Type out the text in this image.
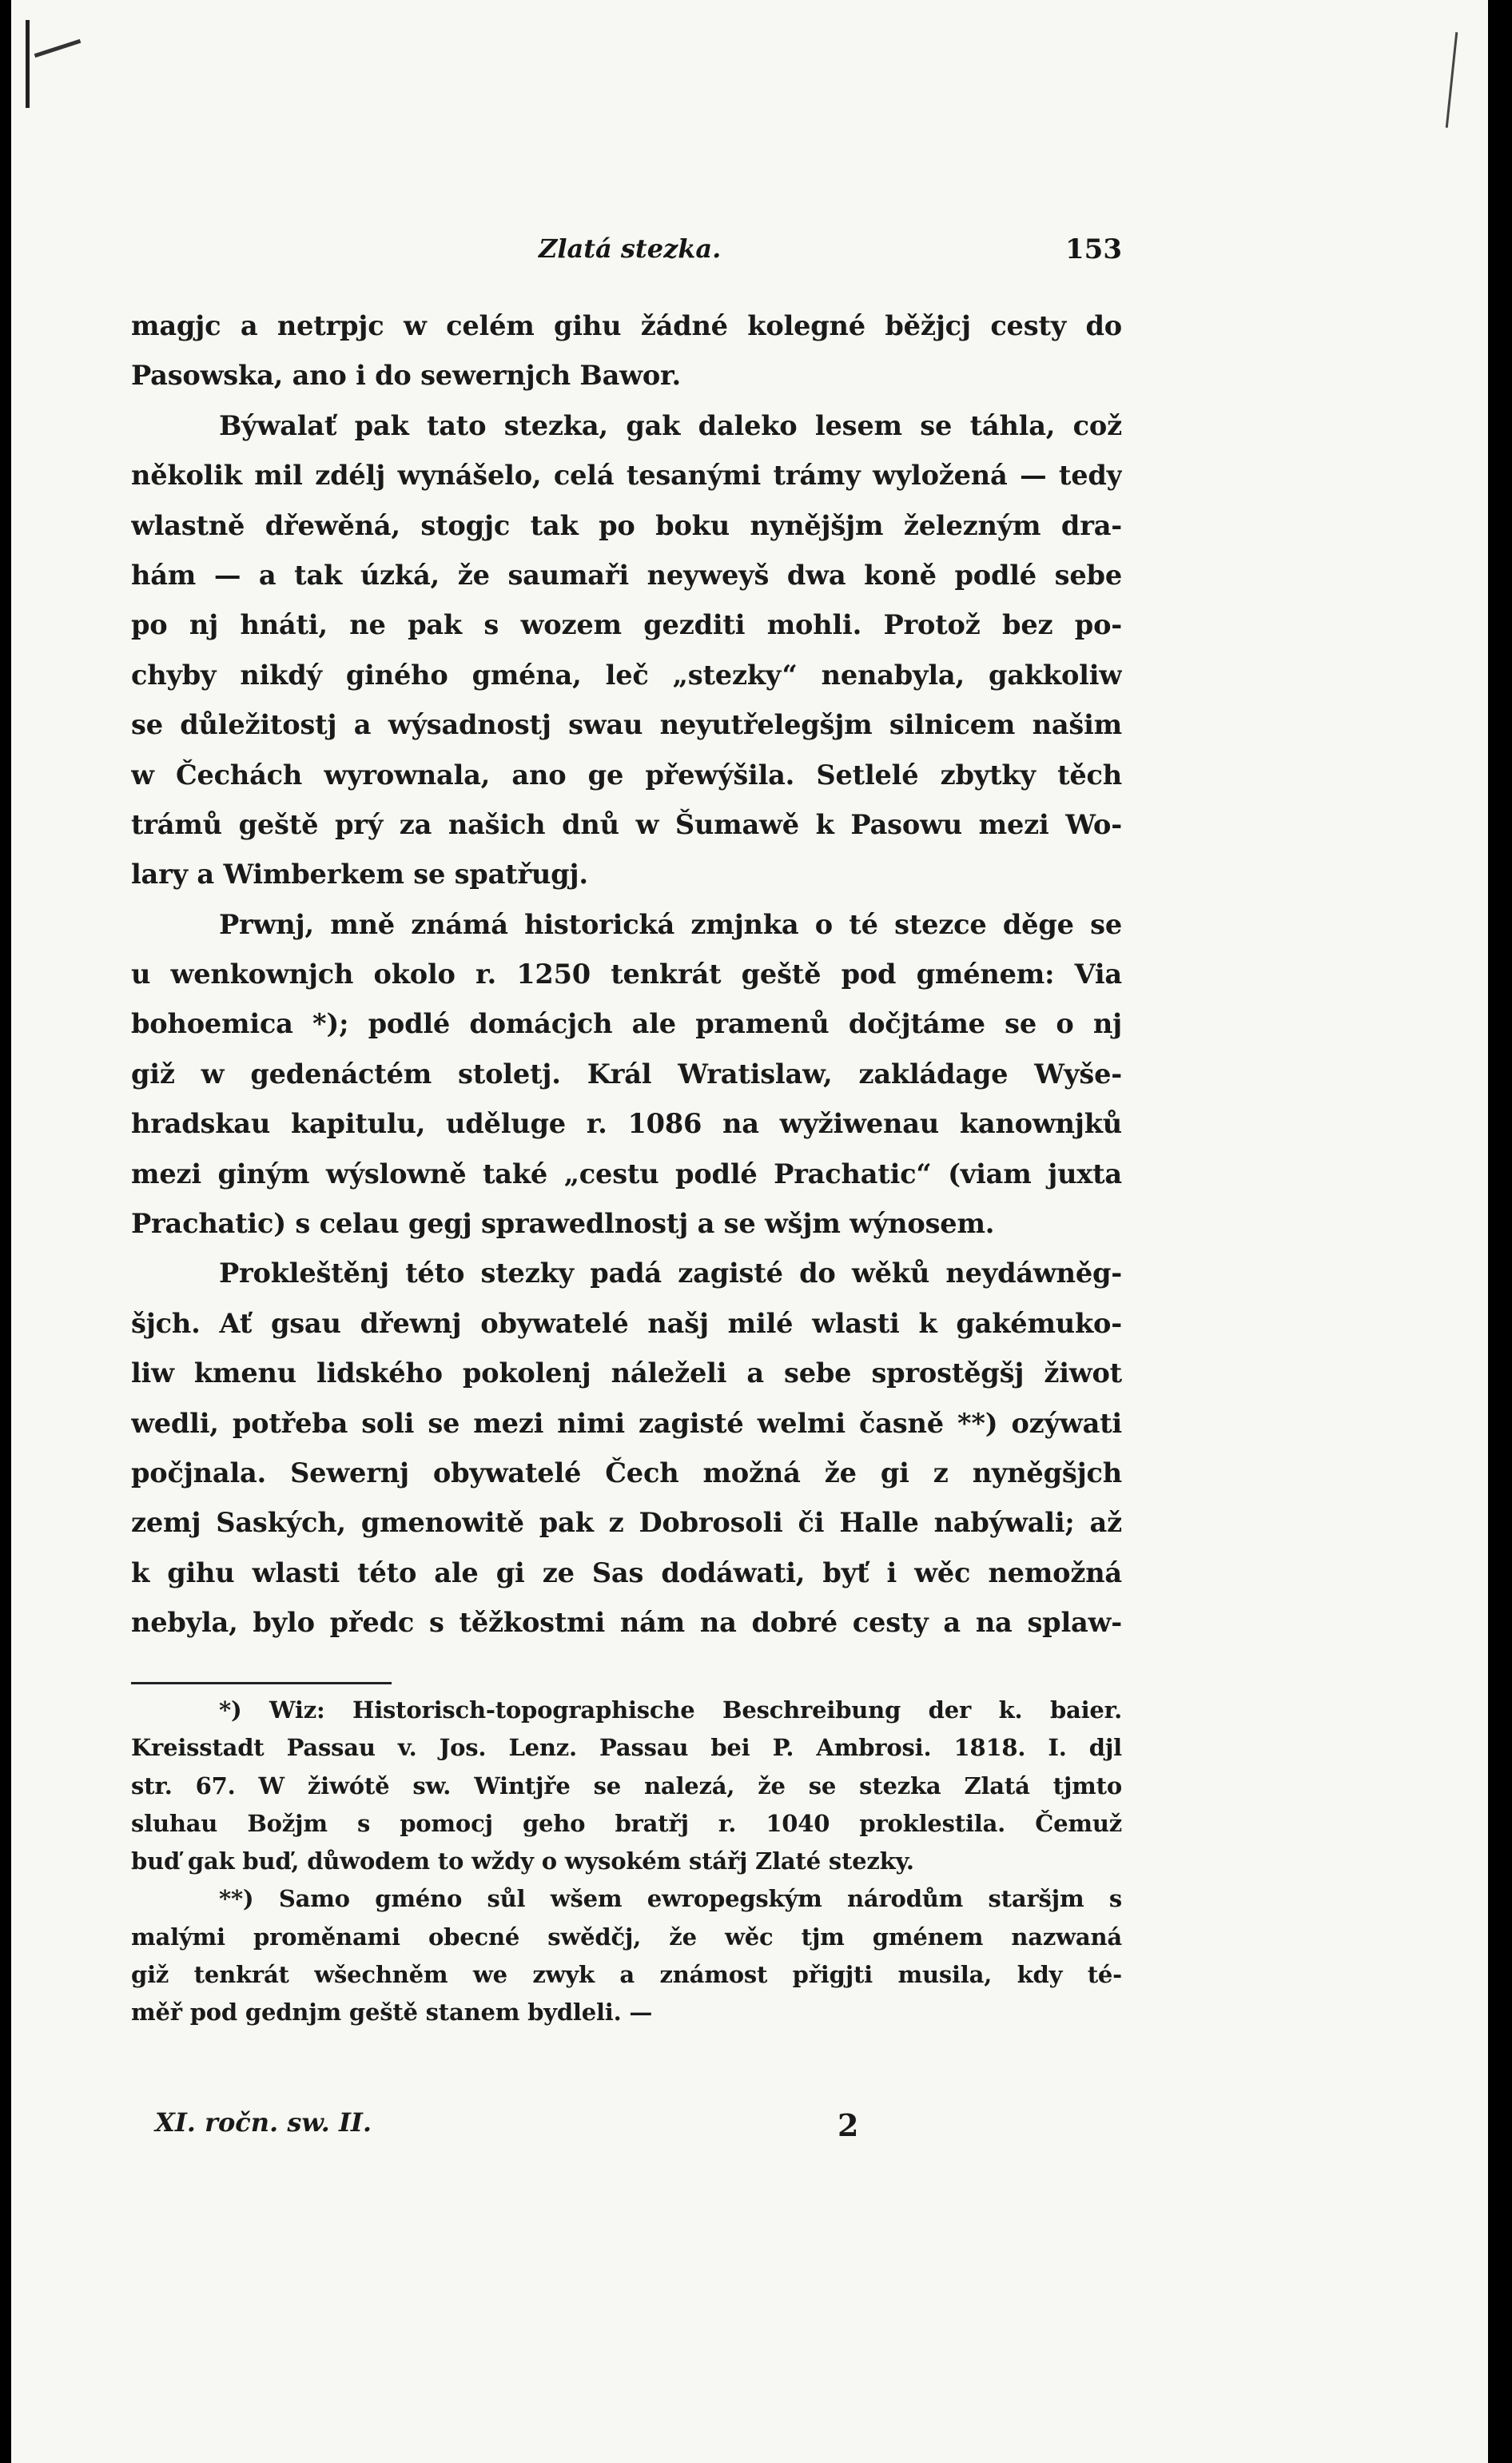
Zlatá stezka.	153
magjc a netrpjc w celém gihu žádné kolegné běžjcj cesty do
Pasowska, ano i do sewernjch Bawor.
Býwalať pak tato stezka, gak daleko lesem se táhla, což
několik mil zdélj wynášelo, celá tesanými trámy wyložená — tedy
wlastně dřewěná, stogjc tak po boku nynějšjm železným dra-
hám — a tak úzká, že saumaři neyweyš dwa koně podlé sebe
po nj hnáti, ne pak s wozem gezditi mohli. Protož bez po-
chyby nikdý giného gména, leč „stezky“ nenabyla, gakkoliw
se důležitostj a wýsadnostj swau neyutřelegšjm silnicem našim
w Čechách wyrownala, ano ge přewýšila. Setlelé zbytky těch
trámů geště prý za našich dnů w Šumawě k Pasowu mezi Wo-
lary a Wimberkem se spatřugj.
Prwnj, mně známá historická zmjnka o té stezce děge se
u wenkownjch okolo r. 1250 tenkrát geště pod gménem: Via
bohoemica *); podlé domácjch ale pramenů dočjtáme se o nj
giž w gedenáctém stoletj. Král Wratislaw, zakládage Wyše-
hradskau kapitulu, uděluge r. 1086 na wyžiwenau kanownjků
mezi giným wýslowně také „cestu podlé Prachatic“ (viam juxta
Prachatic) s celau gegj sprawedlnostj a se wšjm wýnosem.
Prokleštěnj této stezky padá zagisté do wěků neydáwněg-
šjch. Ať gsau dřewnj obywatelé našj milé wlasti k gakémuko-
liw kmenu lidského pokolenj náleželi a sebe sprostěgšj žiwot
wedli, potřeba soli se mezi nimi zagisté welmi časně **) ozýwati
počjnala. Sewernj obywatelé Čech možná že gi z nyněgšjch
zemj Saských, gmenowitě pak z Dobrosoli či Halle nabýwali; až
k gihu wlasti této ale gi ze Sas dodáwati, byť i wěc nemožná
nebyla, bylo předc s těžkostmi nám na dobré cesty a na splaw-
*) Wiz: Historisch-topographische Beschreibung der k. baier.
Kreisstadt Passau v. Jos. Lenz. Passau bei P. Ambrosi. 1818. I. djl
str. 67. W žiwótě sw. Wintjře se nalezá, že se stezka Zlatá tjmto
sluhau Božjm s pomocj geho bratřj r. 1040 proklestila. Čemuž
buď gak buď, důwodem to wždy o wysokém stářj Zlaté stezky.
**) Samo gméno sůl wšem ewropegským národům staršjm s
malými proměnami obecné swědčj, že wěc tjm gménem nazwaná
giž tenkrát wšechněm we zwyk a známost přigjti musila, kdy té-
měř pod gednjm geště stanem bydleli. —
XI. ročn. sw. II.	2
